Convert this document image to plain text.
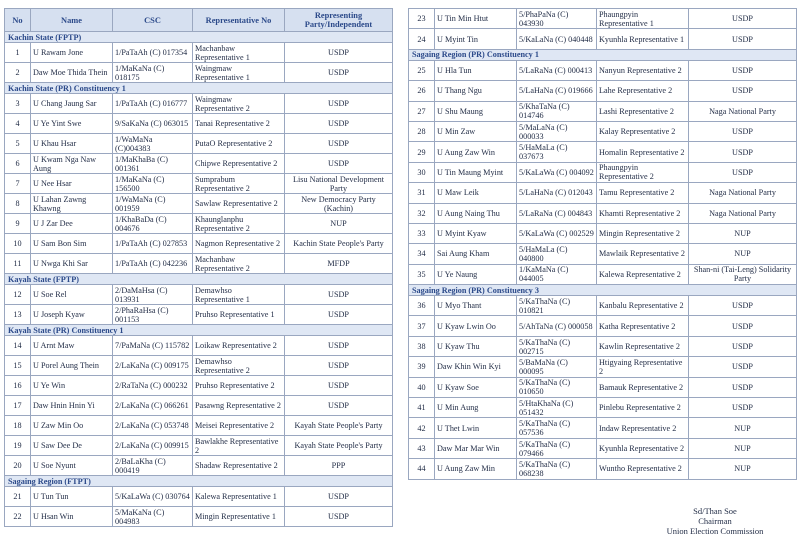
No	Name	CSC	Representative No	Representing Party/Independent
Kachin State (FPTP)				
1	U Rawam Jone	1/PaTaAh (C) 017354	Machanbaw Representative 1	USDP
2	Daw Moe Thida Thein	1/MaKaNa (C) 018175	Waingmaw Representative 1	USDP
Kachin State (PR) Constituency 1				
3	U Chang Jaung Sar	1/PaTaAh (C) 016777	Waingmaw Representative 2	USDP
4	U Ye Yint Swe	9/SaKaNa (C) 063015	Tanai Representative 2	USDP
5	U Khau Hsar	1/WaMaNa (C)004383	PutaO Representative 2	USDP
6	U Kwam Nga Naw Aung	1/MaKhaBa (C) 001361	Chipwe Representative 2	USDP
7	U Nee Hsar	1/MaKaNa (C) 156500	Sumprabum Representative 2	Lisu National Development Party
8	U Lahan Zawng Khawng	1/WaMaNa (C) 001959	Sawlaw Representative 2	New Democracy Party (Kachin)
9	U J Zar Dee	1/KhaBaDa (C) 004676	Khaunglanphu Representative 2	NUP
10	U Sam Bon Sim	1/PaTaAh (C) 027853	Nagmon Representative 2	Kachin State People's Party
11	U Nwga Khi Sar	1/PaTaAh (C) 042236	Machanbaw Representative 2	MFDP
Kayah State (FPTP)				
12	U Soe Rel	2/DaMaHsa (C) 013931	Demawhso Representative 1	USDP
13	U Joseph Kyaw	2/PhaRaHsa (C) 001153	Pruhso Representative 1	USDP
Kayah State (PR) Constituency 1				
14	U Arnt Maw	7/PaMaNa (C) 115782	Loikaw Representative 2	USDP
15	U Porel Aung Thein	2/LaKaNa (C) 009175	Demawhso Representative 2	USDP
16	U Ye Win	2/RaTaNa (C) 000232	Pruhso Representative 2	USDP
17	Daw Hnin Hnin Yi	2/LaKaNa (C) 066261	Pasawng Representative 2	USDP
18	U Zaw Min Oo	2/LaKaNa (C) 053748	Meisei Representative 2	Kayah State People's Party
19	U Saw Dee De	2/LaKaNa (C) 009915	Bawlakhe Representative 2	Kayah State People's Party
20	U Soe Nyunt	2/BaLaKha (C) 000419	Shadaw Representative 2	PPP
Sagaing Region (FTPT)				
21	U Tun Tun	5/KaLaWa (C) 030764	Kalewa Representative 1	USDP
22	U Hsan Win	5/MaKaNa (C) 004983	Mingin Representative 1	USDP
23	U Tin Min Htut	5/PhaPaNa (C) 043930	Phaungpyin Representative 1	USDP
24	U Myint Tin	5/KaLaNa (C) 040448	Kyunhla Representative 1	USDP
Sagaing Region (PR) Constituency 1				
25	U Hla Tun	5/LaRaNa (C) 000413	Nanyun Representative 2	USDP
26	U Thang Ngu	5/LaHaNa (C) 019666	Lahe Representative 2	USDP
27	U Shu Maung	5/KhaTaNa (C) 014746	Lashi Representative 2	Naga National Party
28	U Min Zaw	5/MaLaNa (C) 000033	Kalay Representative 2	USDP
29	U Aung Zaw Win	5/HaMaLa (C) 037673	Homalin Representative 2	USDP
30	U Tin Maung Myint	5/KaLaWa (C) 004092	Phaungpyin Representative 2	USDP
31	U Maw Leik	5/LaHaNa (C) 012043	Tamu Representative 2	Naga National Party
32	U Aung Naing Thu	5/LaRaNa (C) 004843	Khamti Representative 2	Naga National Party
33	U Myint Kyaw	5/KaLaWa (C) 002529	Mingin Representative 2	NUP
34	Sai Aung Kham	5/HaMaLa (C) 040800	Mawlaik Representative 2	NUP
35	U Ye Naung	1/KaMaNa (C) 044005	Kalewa Representative 2	Shan-ni (Tai-Leng) Solidarity Party
Sagaing Region (PR) Constituency 3				
36	U Myo Thant	5/KaThaNa (C) 010821	Kanbalu Representative 2	USDP
37	U Kyaw Lwin Oo	5/AhTaNa (C) 000058	Katha Representative 2	USDP
38	U Kyaw Thu	5/KaThaNa (C) 002715	Kawlin Representative 2	USDP
39	Daw Khin Win Kyi	5/BaMaNa (C) 000095	Htigyaing Representative 2	USDP
40	U Kyaw Soe	5/KaThaNa (C) 010650	Bamauk Representative 2	USDP
41	U Min Aung	5/HtaKhaNa (C) 051432	Pinlebu Representative 2	USDP
42	U Thet Lwin	5/KaThaNa (C) 057536	Indaw Representative 2	NUP
43	Daw Mar Mar Win	5/KaThaNa (C) 079466	Kyunhla Representative 2	NUP
44	U Aung Zaw Min	5/KaThaNa (C) 068238	Wuntho Representative 2	NUP
Sd/Than Soe
Chairman
Union Election Commission
